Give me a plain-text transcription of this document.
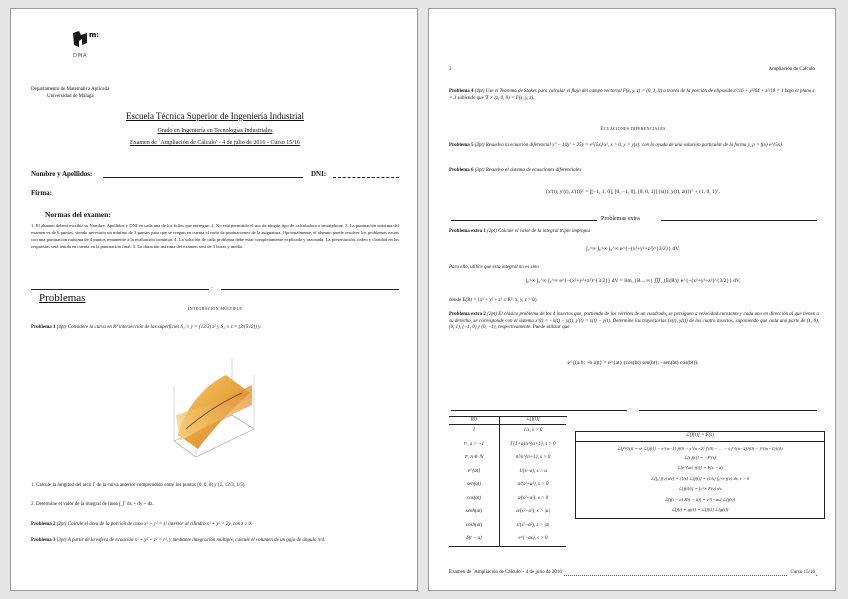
m:
DMA
Departamento de Matemática Aplicada
Universidad de Málaga
Escuela Técnica Superior de Ingeniería Industrial
Grado en Ingeniería en Tecnologías Industriales
Examen de `Ampliación de Cálculo' - 4 de julio de 2016 - Curso 15/16
Nombre y Apellidos:	DNI:
Firma:
Normas del examen:
1. El alumno deberá escribir su Nombre, Apellidos y DNI en cada una de los folios que entregue. 2. No está permitido el uso de ningún tipo de calculadora o smartphone. 3. La puntuación máxima del examen es de 6 puntos, siendo necesario un mínimo de 3 puntos para que se tengan en cuenta el resto de puntuaciones de la asignatura. Opcionalmente, el alumno puede resolver los problemas extras con una puntuación máxima de 4 puntos remanente a la evaluación continua. 4. La solución de cada problema debe estar completamente explicada y razonada. La presentación, orden y claridad en las respuestas será tenida en cuenta en la puntuación final. 5. La duración máxima del examen será de 3 horas y media.
◦
Problemas
Integración múltiple
Problema 1 (4pt) Considere la curva en R³ intersección de las superficies S₁ ≡ y = (√2/3) z² y S₂ ≡ z = (3/(5√2)) y.
1. Calcule la longitud del arco Γ de la curva anterior comprendido entre los puntos (0, 0, 0) y (1, √2/3, 1/5).
2. Determine el valor de la integral de línea ∫_Γ dx + dy + dz.
Problema 2 (2pt) Calcule el área de la porción de cono x² + y² = z² interior al cilindro x² + y² = 2y, con z ≥ 0.
Problema 3 (3pt) A partir de la esfera de ecuación x² + y² + z² = r², y mediante integración múltiple, calcule el volumen de un gajo de ángulo π/4.
2	Ampliación de Cálculo
Problema 4 (4pt) Use el Teorema de Stokes para calcular el flujo del campo vectorial F(x, y, z) = (0, 1, 0) a través de la porción de elipsoide x²/16 + y²/64 + z²/18 = 1 bajo el plano z = 3 sabiendo que ∇ × (z, 0, 0) = F(x, y, z).
Ecuaciones diferenciales
Problema 5 (3pt) Resuelva la ecuación diferencial y'' − 10y' + 25y = e^{5x}/x², x > 0, y = y(x), con la ayuda de una solución particular de la forma y_p = f(x) e^{5x}.
Problema 6 (3pt) Resuelva el sistema de ecuaciones diferenciales
(x'(t), y'(t), z'(t))ᵀ = [[−1, 1, 0], [0, −1, 0], [0, 0, 1]] (x(t), y(t), z(t))ᵀ + (1, 0, 1)ᵀ.
Problemas extra
Problema extra 1 (2pt) Calcule el valor de la integral triple impropia
∫₀^∞ ∫₀^∞ ∫₀^∞ e^{−(x²+y²+z²)^{3/2}} dV.
Para ello, utilice que esta integral no es sino
∫₀^∞ ∫₀^∞ ∫₀^∞ e^{−(x²+y²+z²)^{3/2}} dV = lim_{R→∞} ∭_{E(R)} e^{−(x²+y²+z²)^{3/2}} dV,
donde E(R) = {x² + y² + z² ≤ R²: x, y, z > 0}.
Problema extra 2 (2pt) El clásico problema de los 4 insectos que, partiendo de los vértices de un cuadrado, se persiguen a velocidad constante y cada uno en dirección al que tienen a su derecha, se corresponde con el sistema x'(t) = −x(t) − y(t), y'(t) = x(t) − y(t). Determine las trayectorias (x(t), y(t)) de los cuatro insectos, suponiendo que cada uno parte de (1, 0), (0, 1), (−1, 0) y (0, −1), respectivamente. Puede utilizar que
e^{(a b; −b a)t} = e^{at} (cos(bt) sen(bt); −sen(bt) cos(bt)).
◦
f(t)	ℒ[f(t)]
1	1/s, s > 0
tᵃ, a > −1	Γ(1+a)/s^{a+1}, s > 0
tⁿ, n ∈ ℕ	n!/s^{n+1}, s > 0
e^{at}	1/(s−a), s > a
sen(at)	a/(s²+a²), s > 0
cos(at)	s/(s²+a²), s > 0
senh(at)	a/(s²−a²), s > |a|
cosh(at)	s/(s²−a²), s > |a|
δ(t − a)	e^{−as}, s > 0
ℒ[f(t)] = F(s)
ℒ[f⁽ⁿ⁾(t)] = sⁿ ℒ[f(t)] − s^{n−1} f(0) − s^{n−2} f'(0) − … − s f^{(n−2)}(0) − f^{(n−1)}(0)
ℒ[t f(t)] = −F'(s)
ℒ[e^{at} f(t)] = F(s − a)
ℒ[∫₀ᵗ f(v) dv] = (1/s) ℒ[f(t)] = (1/s) ∫₀^∞ f(v) dv, s > 0
ℒ[f(t)/t] = ∫ₛ^∞ F(v) dv
ℒ[f(t − a) H(t − a)] = e^{−as} ℒ[f(t)]
ℒ[f(t) ∗ g(t)] = ℒ[f(t)] ℒ[g(t)]
Examen de `Ampliación de Cálculo' - 4 de julio de 2016	Curso 15/16
